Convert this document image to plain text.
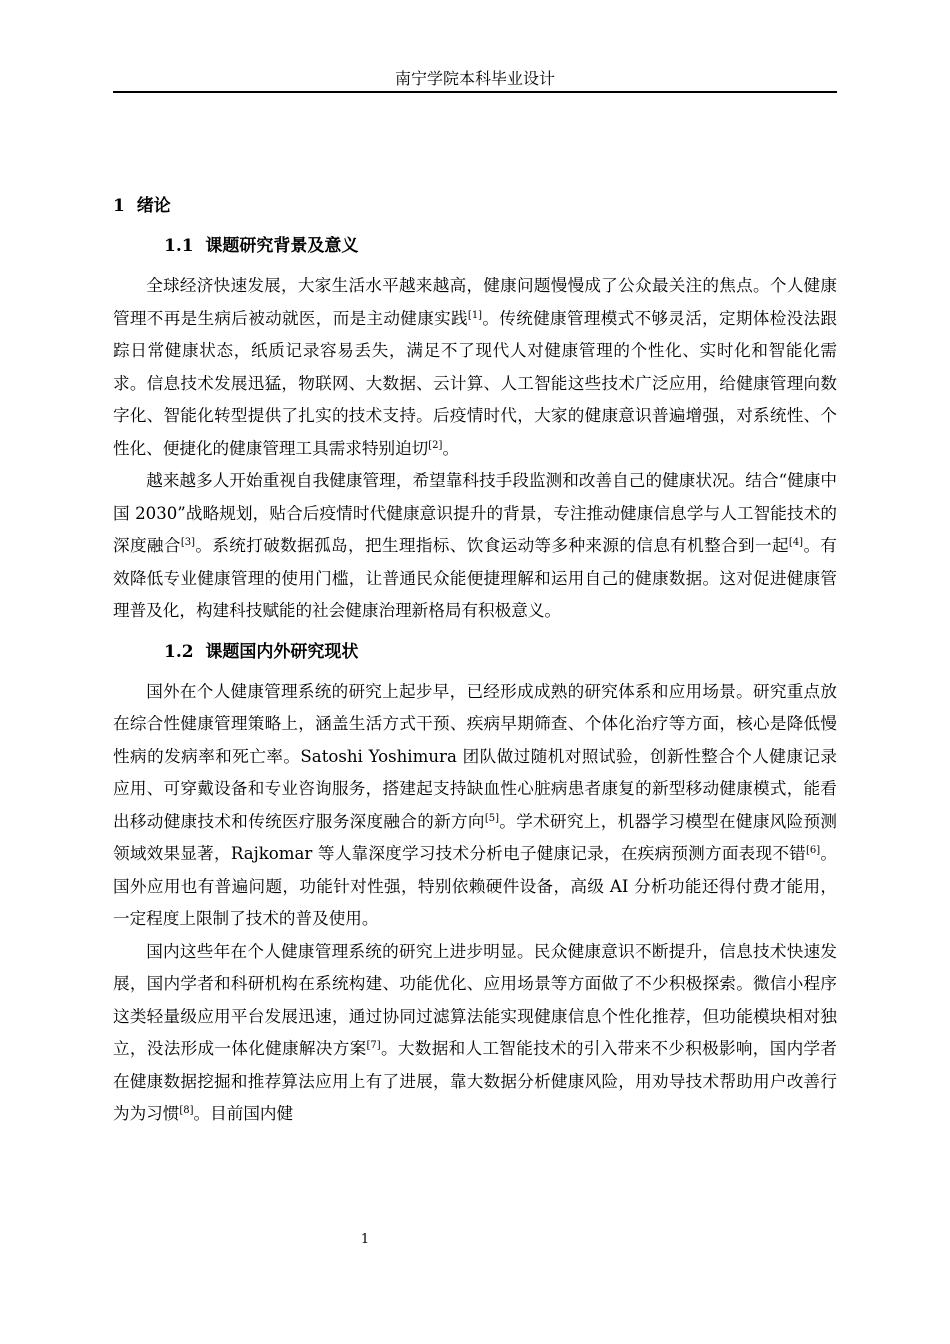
南宁学院本科毕业设计
1 绪论
1.1 课题研究背景及意义

全球经济快速发展，大家生活水平越来越高，健康问题慢慢成了公众最关注的焦点。个人健康管理不再是生病后被动就医，而是主动健康实践[1]。传统健康管理模式不够灵活，定期体检没法跟踪日常健康状态，纸质记录容易丢失，满足不了现代人对健康管理的个性化、实时化和智能化需求。信息技术发展迅猛，物联网、大数据、云计算、人工智能这些技术广泛应用，给健康管理向数字化、智能化转型提供了扎实的技术支持。后疫情时代，大家的健康意识普遍增强，对系统性、个性化、便捷化的健康管理工具需求特别迫切[2]。

越来越多人开始重视自我健康管理，希望靠科技手段监测和改善自己的健康状况。结合“健康中国 2030”战略规划，贴合后疫情时代健康意识提升的背景，专注推动健康信息学与人工智能技术的深度融合[3]。系统打破数据孤岛，把生理指标、饮食运动等多种来源的信息有机整合到一起[4]。有效降低专业健康管理的使用门槛，让普通民众能便捷理解和运用自己的健康数据。这对促进健康管理普及化，构建科技赋能的社会健康治理新格局有积极意义。

1.2 课题国内外研究现状

国外在个人健康管理系统的研究上起步早，已经形成成熟的研究体系和应用场景。研究重点放在综合性健康管理策略上，涵盖生活方式干预、疾病早期筛查、个体化治疗等方面，核心是降低慢性病的发病率和死亡率。Satoshi Yoshimura 团队做过随机对照试验，创新性整合个人健康记录应用、可穿戴设备和专业咨询服务，搭建起支持缺血性心脏病患者康复的新型移动健康模式，能看出移动健康技术和传统医疗服务深度融合的新方向[5]。学术研究上，机器学习模型在健康风险预测领域效果显著，Rajkomar 等人靠深度学习技术分析电子健康记录，在疾病预测方面表现不错[6]。国外应用也有普遍问题，功能针对性强，特别依赖硬件设备，高级 AI 分析功能还得付费才能用，一定程度上限制了技术的普及使用。

国内这些年在个人健康管理系统的研究上进步明显。民众健康意识不断提升，信息技术快速发展，国内学者和科研机构在系统构建、功能优化、应用场景等方面做了不少积极探索。微信小程序这类轻量级应用平台发展迅速，通过协同过滤算法能实现健康信息个性化推荐，但功能模块相对独立，没法形成一体化健康解决方案[7]。大数据和人工智能技术的引入带来不少积极影响，国内学者在健康数据挖掘和推荐算法应用上有了进展，靠大数据分析健康风险，用劝导技术帮助用户改善行为为习惯[8]。目前国内健

1
